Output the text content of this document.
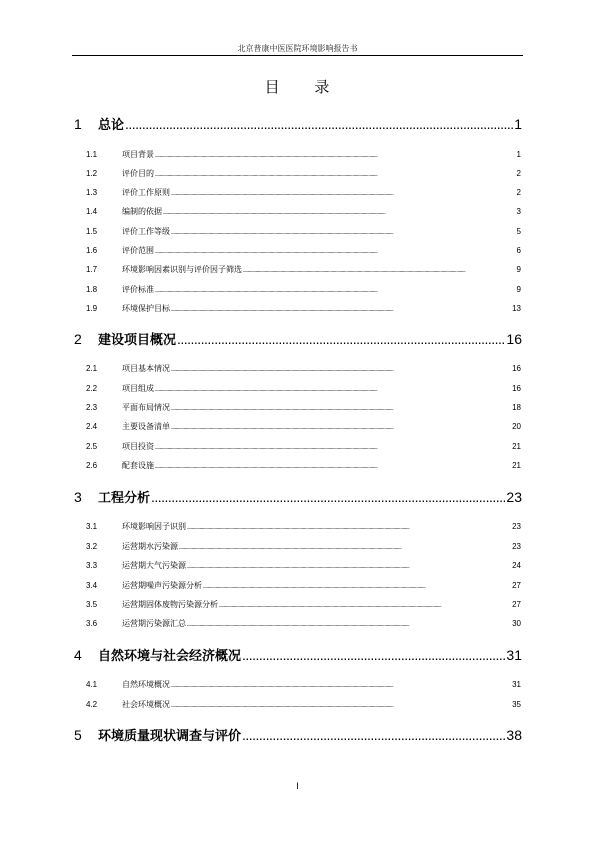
北京普康中医医院环境影响报告书
目 录
1	总论 . . .	1
1.1	项目背景 . . .	1
1.2	评价目的 . . .	2
1.3	评价工作原则 . . .	2
1.4	编制的依据 . . .	3
1.5	评价工作等级 . . .	5
1.6	评价范围 . . .	6
1.7	环境影响因素识别与评价因子筛选 . . .	9
1.8	评价标准 . . .	9
1.9	环境保护目标 . . .	13
2	建设项目概况 . . .	16
2.1	项目基本情况 . . .	16
2.2	项目组成 . . .	16
2.3	平面布局情况 . . .	18
2.4	主要设备清单 . . .	20
2.5	项目投资 . . .	21
2.6	配套设施 . . .	21
3	工程分析 . . .	23
3.1	环境影响因子识别 . . .	23
3.2	运营期水污染源 . . .	23
3.3	运营期大气污染源 . . .	24
3.4	运营期噪声污染源分析 . . .	27
3.5	运营期固体废物污染源分析 . . .	27
3.6	运营期污染源汇总 . . .	30
4	自然环境与社会经济概况 . . .	31
4.1	自然环境概况 . . .	31
4.2	社会环境概况 . . .	35
5	环境质量现状调查与评价 . . .	38
I
